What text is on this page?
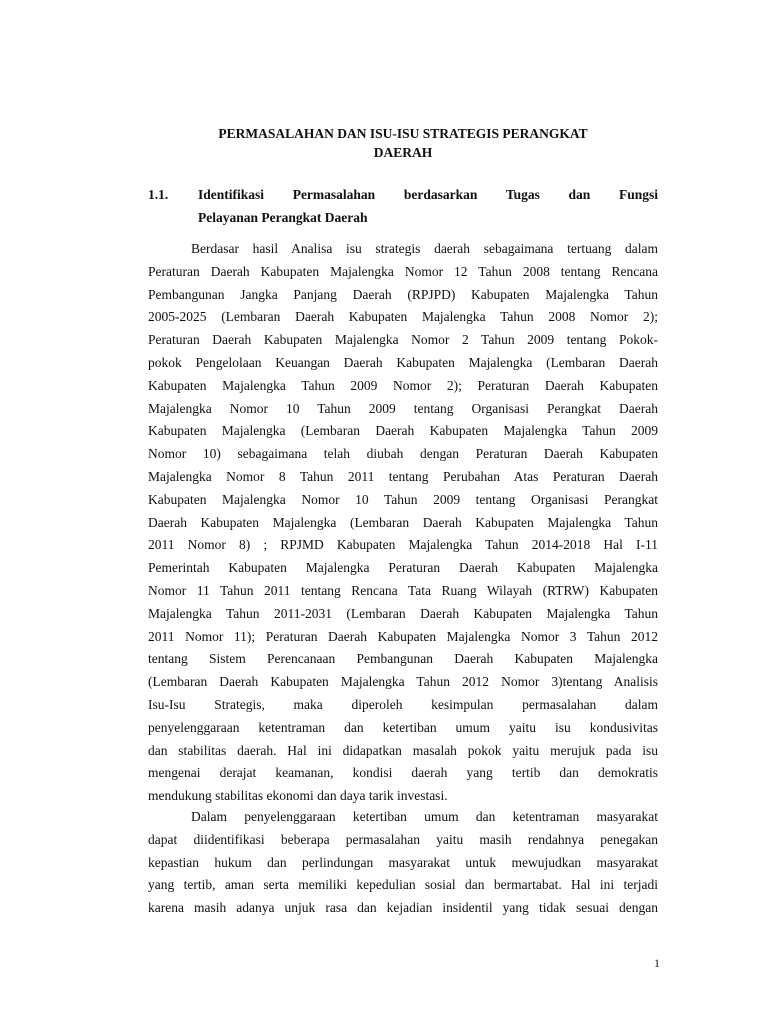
PERMASALAHAN DAN ISU-ISU STRATEGIS PERANGKAT
DAERAH
1.1. Identifikasi Permasalahan berdasarkan Tugas dan Fungsi
Pelayanan Perangkat Daerah
Berdasar hasil Analisa isu strategis daerah sebagaimana tertuang dalam
Peraturan Daerah Kabupaten Majalengka Nomor 12 Tahun 2008 tentang Rencana
Pembangunan Jangka Panjang Daerah (RPJPD) Kabupaten Majalengka Tahun
2005-2025 (Lembaran Daerah Kabupaten Majalengka Tahun 2008 Nomor 2);
Peraturan Daerah Kabupaten Majalengka Nomor 2 Tahun 2009 tentang Pokok-
pokok Pengelolaan Keuangan Daerah Kabupaten Majalengka (Lembaran Daerah
Kabupaten Majalengka Tahun 2009 Nomor 2); Peraturan Daerah Kabupaten
Majalengka Nomor 10 Tahun 2009 tentang Organisasi Perangkat Daerah
Kabupaten Majalengka (Lembaran Daerah Kabupaten Majalengka Tahun 2009
Nomor 10) sebagaimana telah diubah dengan Peraturan Daerah Kabupaten
Majalengka Nomor 8 Tahun 2011 tentang Perubahan Atas Peraturan Daerah
Kabupaten Majalengka Nomor 10 Tahun 2009 tentang Organisasi Perangkat
Daerah Kabupaten Majalengka (Lembaran Daerah Kabupaten Majalengka Tahun
2011 Nomor 8) ; RPJMD Kabupaten Majalengka Tahun 2014-2018 Hal I-11
Pemerintah Kabupaten Majalengka Peraturan Daerah Kabupaten Majalengka
Nomor 11 Tahun 2011 tentang Rencana Tata Ruang Wilayah (RTRW) Kabupaten
Majalengka Tahun 2011-2031 (Lembaran Daerah Kabupaten Majalengka Tahun
2011 Nomor 11); Peraturan Daerah Kabupaten Majalengka Nomor 3 Tahun 2012
tentang Sistem Perencanaan Pembangunan Daerah Kabupaten Majalengka
(Lembaran Daerah Kabupaten Majalengka Tahun 2012 Nomor 3)tentang Analisis
Isu-Isu Strategis, maka diperoleh kesimpulan permasalahan dalam
penyelenggaraan ketentraman dan ketertiban umum yaitu isu kondusivitas
dan stabilitas daerah. Hal ini didapatkan masalah pokok yaitu merujuk pada isu
mengenai derajat keamanan, kondisi daerah yang tertib dan demokratis
mendukung stabilitas ekonomi dan daya tarik investasi.
Dalam penyelenggaraan ketertiban umum dan ketentraman masyarakat
dapat diidentifikasi beberapa permasalahan yaitu masih rendahnya penegakan
kepastian hukum dan perlindungan masyarakat untuk mewujudkan masyarakat
yang tertib, aman serta memiliki kepedulian sosial dan bermartabat. Hal ini terjadi
karena masih adanya unjuk rasa dan kejadian insidentil yang tidak sesuai dengan
1
